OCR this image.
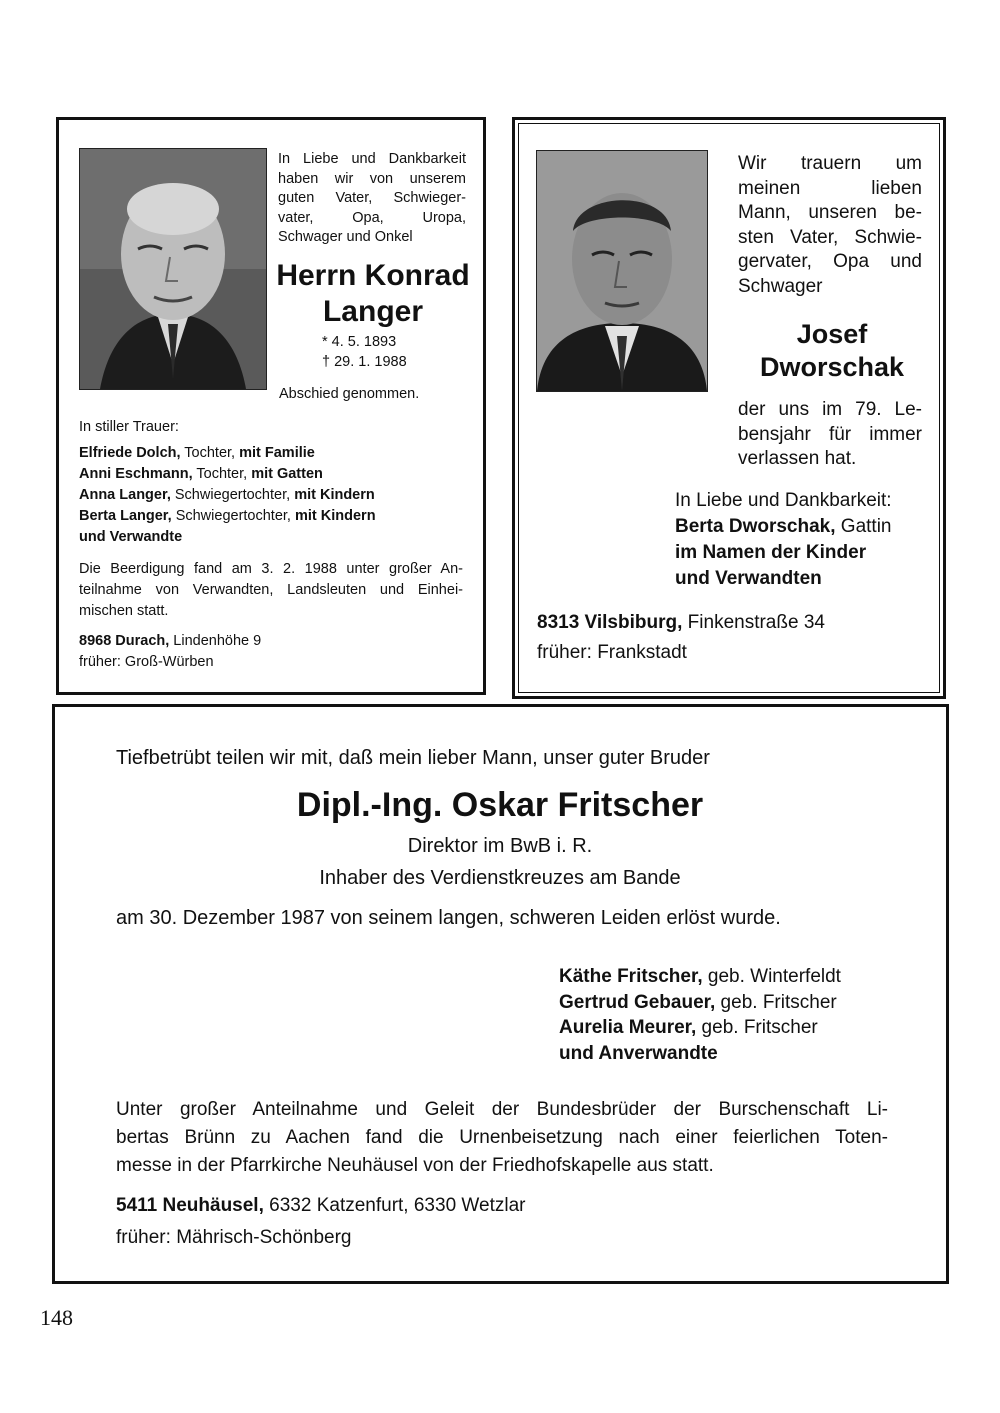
In Liebe und Dankbarkeit
haben wir von unserem
guten Vater, Schwieger-
vater, Opa, Uropa,
Schwager und Onkel
Herrn Konrad
Langer
* 4. 5. 1893
† 29. 1. 1988
Abschied genommen.
In stiller Trauer:
Elfriede Dolch, Tochter, mit Familie
Anni Eschmann, Tochter, mit Gatten
Anna Langer, Schwiegertochter, mit Kindern
Berta Langer, Schwiegertochter, mit Kindern
und Verwandte
Die Beerdigung fand am 3. 2. 1988 unter großer An-
teilnahme von Verwandten, Landsleuten und Einhei-
mischen statt.
8968 Durach, Lindenhöhe 9
früher: Groß-Würben
Wir trauern um
meinen lieben
Mann, unseren be-
sten Vater, Schwie-
gervater, Opa und
Schwager
Josef
Dworschak
der uns im 79. Le-
bensjahr für immer
verlassen hat.
In Liebe und Dankbarkeit:
Berta Dworschak, Gattin
im Namen der Kinder
und Verwandten
8313 Vilsbiburg, Finkenstraße 34
früher: Frankstadt
Tiefbetrübt teilen wir mit, daß mein lieber Mann, unser guter Bruder
Dipl.-Ing. Oskar Fritscher
Direktor im BwB i. R.
Inhaber des Verdienstkreuzes am Bande
am 30. Dezember 1987 von seinem langen, schweren Leiden erlöst wurde.
Käthe Fritscher, geb. Winterfeldt
Gertrud Gebauer, geb. Fritscher
Aurelia Meurer, geb. Fritscher
und Anverwandte
Unter großer Anteilnahme und Geleit der Bundesbrüder der Burschenschaft Li-
bertas Brünn zu Aachen fand die Urnenbeisetzung nach einer feierlichen Toten-
messe in der Pfarrkirche Neuhäusel von der Friedhofskapelle aus statt.
5411 Neuhäusel, 6332 Katzenfurt, 6330 Wetzlar
früher: Mährisch-Schönberg
148
